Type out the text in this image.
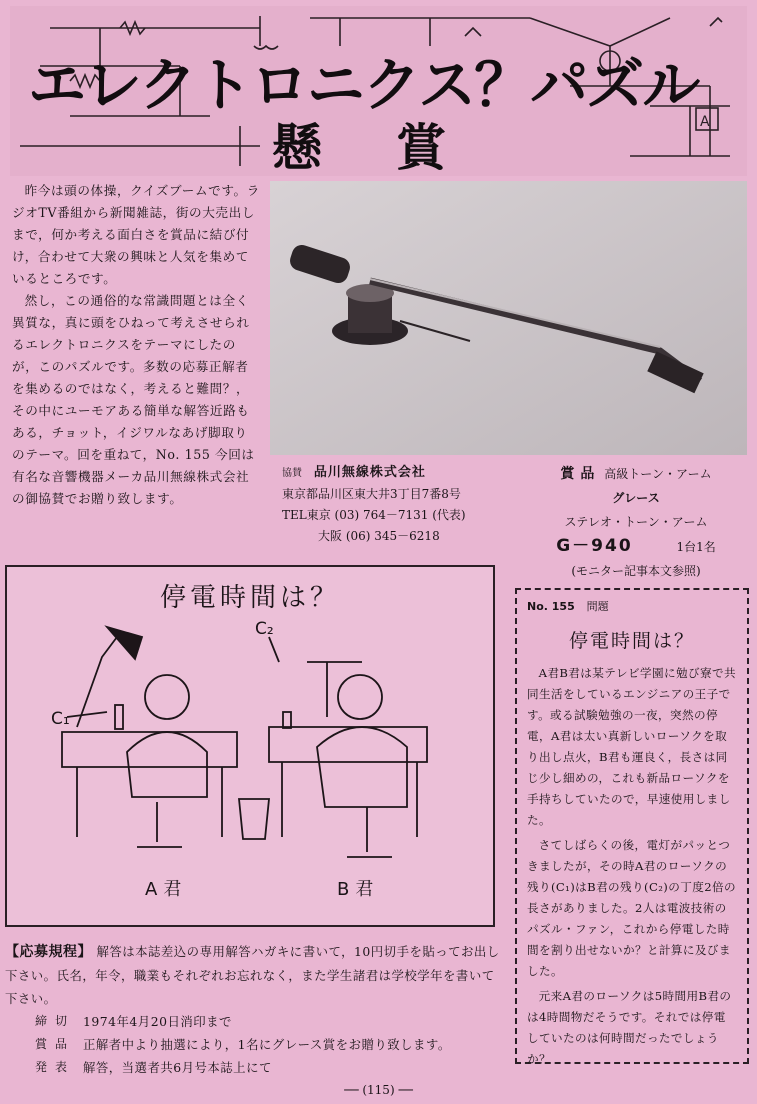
A
エレクトロニクス？パズル
懸賞

昨今は頭の体操，クイズブームです。ラジオTV番組から新聞雑誌，街の大売出しまで，何か考える面白さを賞品に結び付け，合わせて大衆の興味と人気を集めているところです。

然し，この通俗的な常識問題とは全く異質な，真に頭をひねって考えさせられるエレクトロニクスをテーマにしたのが，このパズルです。多数の応募正解者を集めるのではなく，考えると難問？，その中にユーモアある簡単な解答近路もある，チョット，イジワルなあげ脚取りのテーマ。回を重ねて，No. 155 今回は有名な音響機器メーカ品川無線株式会社の御協賛でお贈り致します。

協賛 品川無線株式会社
東京都品川区東大井3丁目7番8号
TEL東京 (03) 764－7131 (代表)
大阪 (06) 345－6218
賞品 高級トーン・アーム
グレース
ステレオ・トーン・アーム
G－940	1台1名
(モニター記事本文参照)
停電時間は？
C₁
C₂
A君	B君
【応募規程】 解答は本誌差込の専用解答ハガキに書いて，10円切手を貼ってお出し下さい。氏名，年令，職業もそれぞれお忘れなく，また学生諸君は学校学年を書いて下さい。
締切 1974年4月20日消印まで
賞品 正解者中より抽選により，1名にグレース賞をお贈り致します。
発表 解答，当選者共6月号本誌上にて
No. 155 問題
停電時間は？

A君B君は某テレビ学園に勉び寮で共同生活をしているエンジニアの王子です。或る試験勉強の一夜，突然の停電，A君は太い真新しいローソクを取り出し点火，B君も運良く，長さは同じ少し細めの，これも新品ローソクを手持ちしていたので，早速使用しました。

さてしばらくの後，電灯がパッとつきましたが，その時A君のローソクの残り(C₁)はB君の残り(C₂)の丁度2倍の長さがありました。2人は電波技術のパズル・ファン，これから停電した時間を割り出せないか？と計算に及びました。

元来A君のローソクは5時間用B君のは4時間物だそうです。それでは停電していたのは何時間だったでしょうか？

── (115) ──
